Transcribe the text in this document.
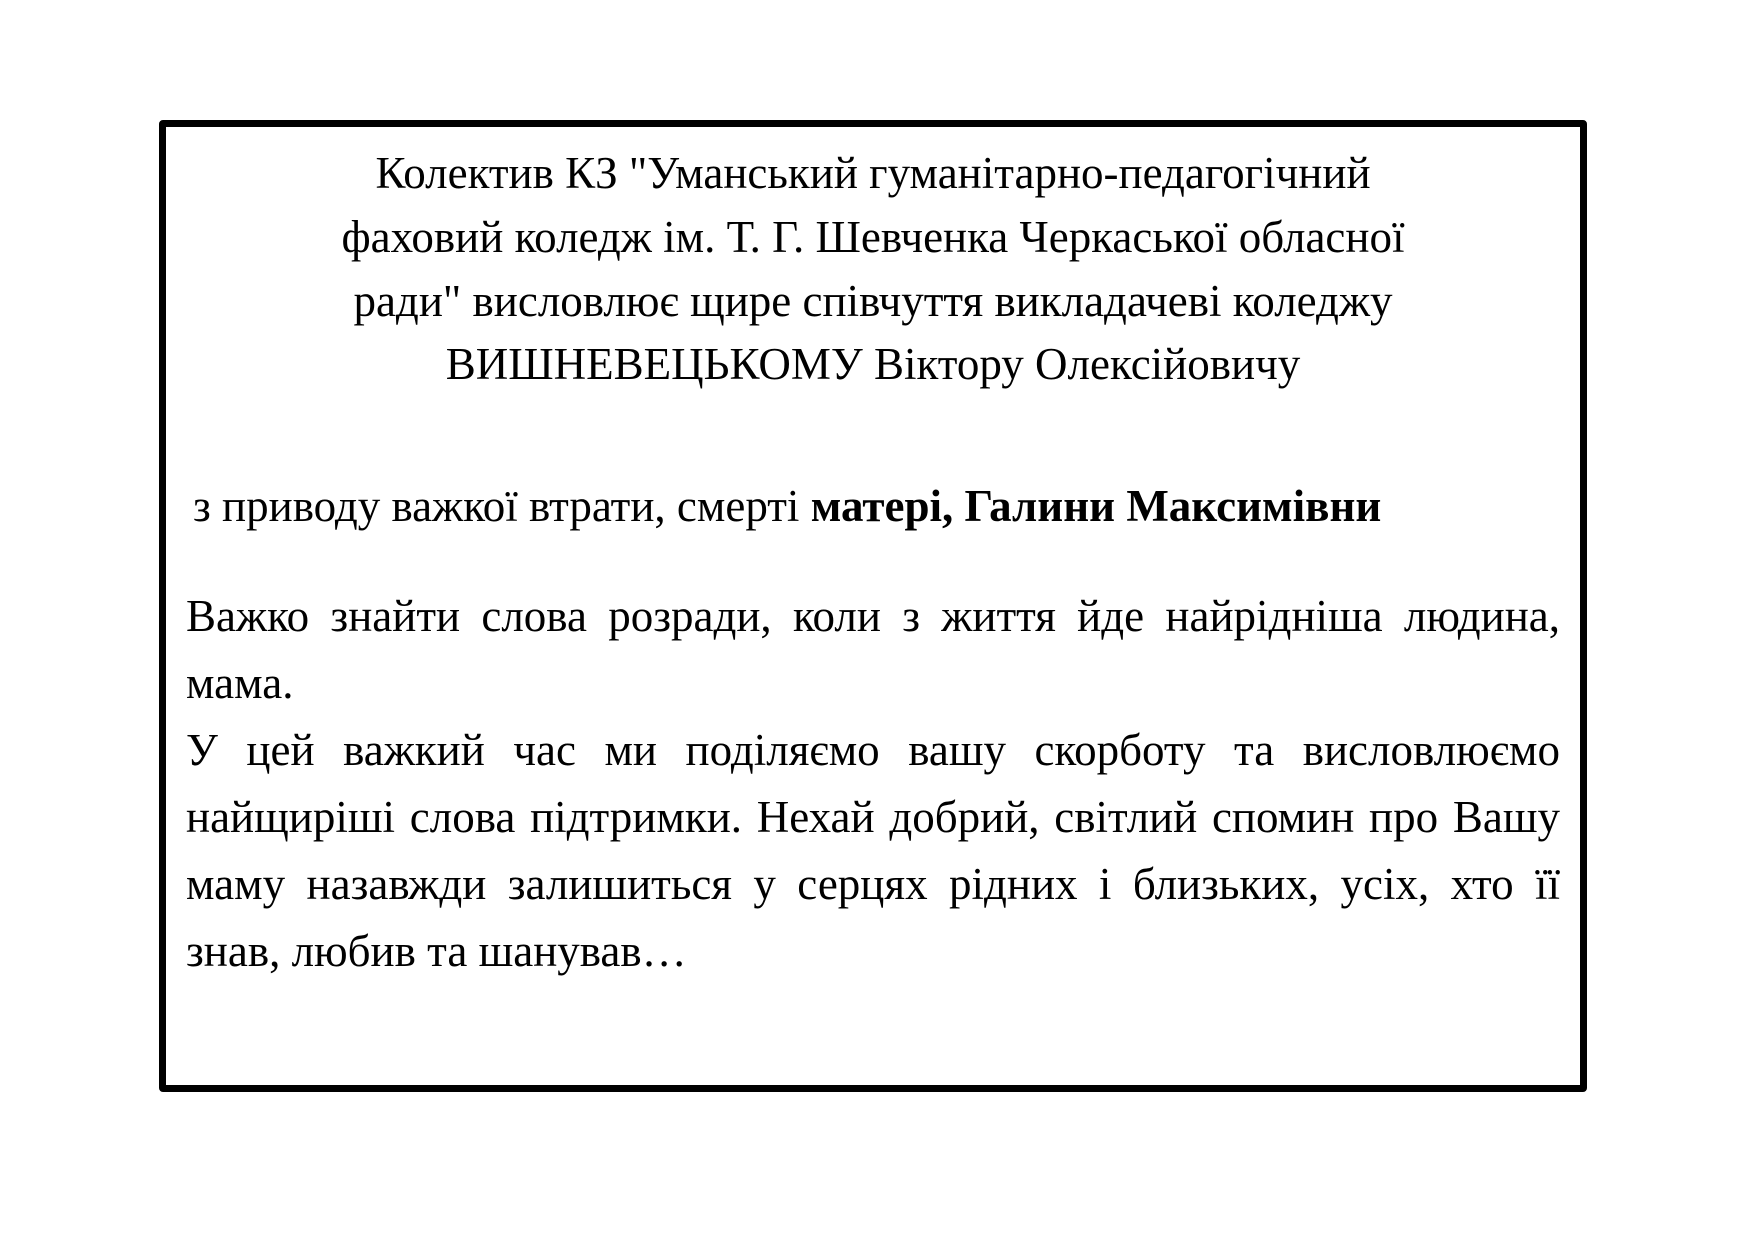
Колектив КЗ "Уманський гуманітарно-педагогічний
фаховий коледж ім. Т. Г. Шевченка Черкаської обласної
ради" висловлює щире співчуття викладачеві коледжу
ВИШНЕВЕЦЬКОМУ Віктору Олексійовичу
з приводу важкої втрати, смерті матері, Галини Максимівни

Важко знайти слова розради, коли з життя йде найрідніша людина, мама.

У цей важкий час ми поділяємо вашу скорботу та висловлюємо найщиріші слова підтримки. Нехай добрий, світлий спомин про Вашу маму назавжди залишиться у серцях рідних і близьких, усіх, хто її знав, любив та шанував…
